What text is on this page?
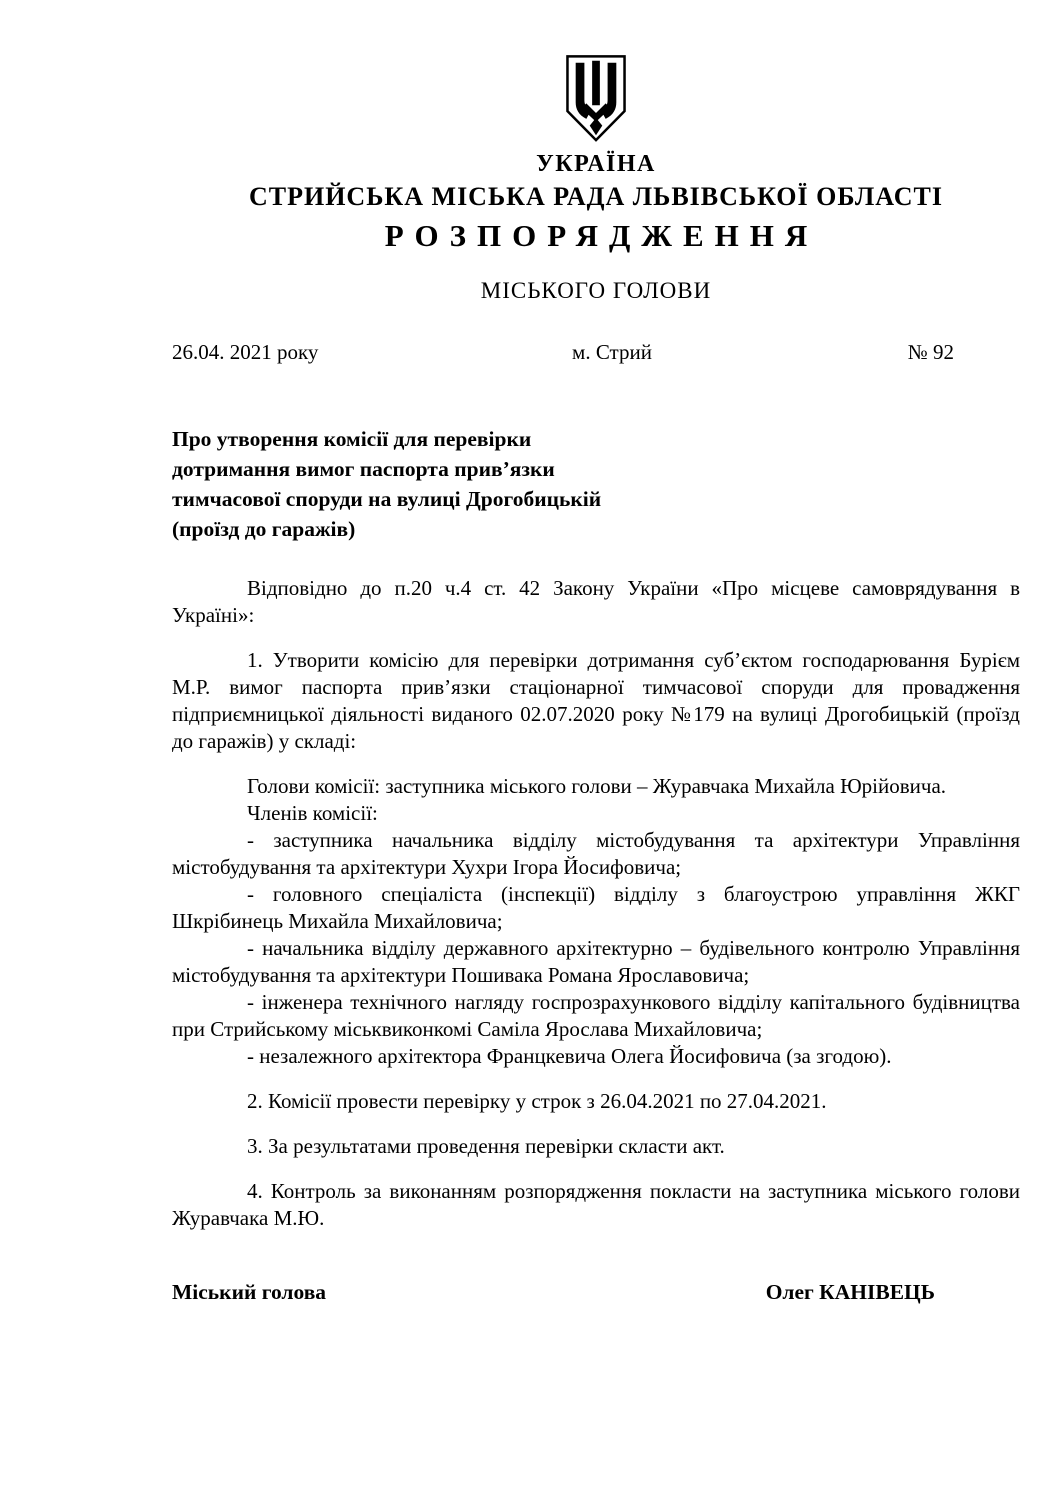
УКРАЇНА
СТРИЙСЬКА МІСЬКА РАДА ЛЬВІВСЬКОЇ ОБЛАСТІ
РОЗПОРЯДЖЕННЯ
МІСЬКОГО ГОЛОВИ
26.04. 2021 року	м. Стрий	№ 92
Про утворення комісії для перевірки
дотримання вимог паспорта прив’язки
тимчасової споруди на вулиці Дрогобицькій
(проїзд до гаражів)

Відповідно до п.20 ч.4 ст. 42 Закону України «Про місцеве самоврядування в Україні»:

1. Утворити комісію для перевірки дотримання суб’єктом господарювання Бурієм М.Р. вимог паспорта прив’язки стаціонарної тимчасової споруди для провадження підприємницької діяльності виданого 02.07.2020 року №179 на вулиці Дрогобицькій (проїзд до гаражів) у складі:

Голови комісії: заступника міського голови – Журавчака Михайла Юрійовича.

Членів комісії:

- заступника начальника відділу містобудування та архітектури Управління містобудування та архітектури Хухри Ігора Йосифовича;

- головного спеціаліста (інспекції) відділу з благоустрою управління ЖКГ Шкрібинець Михайла Михайловича;

- начальника відділу державного архітектурно – будівельного контролю Управління містобудування та архітектури Пошивака Романа Ярославовича;

- інженера технічного нагляду госпрозрахункового відділу капітального будівництва при Стрийському міськвиконкомі Саміла Ярослава Михайловича;

- незалежного архітектора Францкевича Олега Йосифовича (за згодою).

2. Комісії провести перевірку у строк з 26.04.2021 по 27.04.2021.

3. За результатами проведення перевірки скласти акт.

4. Контроль за виконанням розпорядження покласти на заступника міського голови Журавчака М.Ю.

Міський голова	Олег КАНІВЕЦЬ
